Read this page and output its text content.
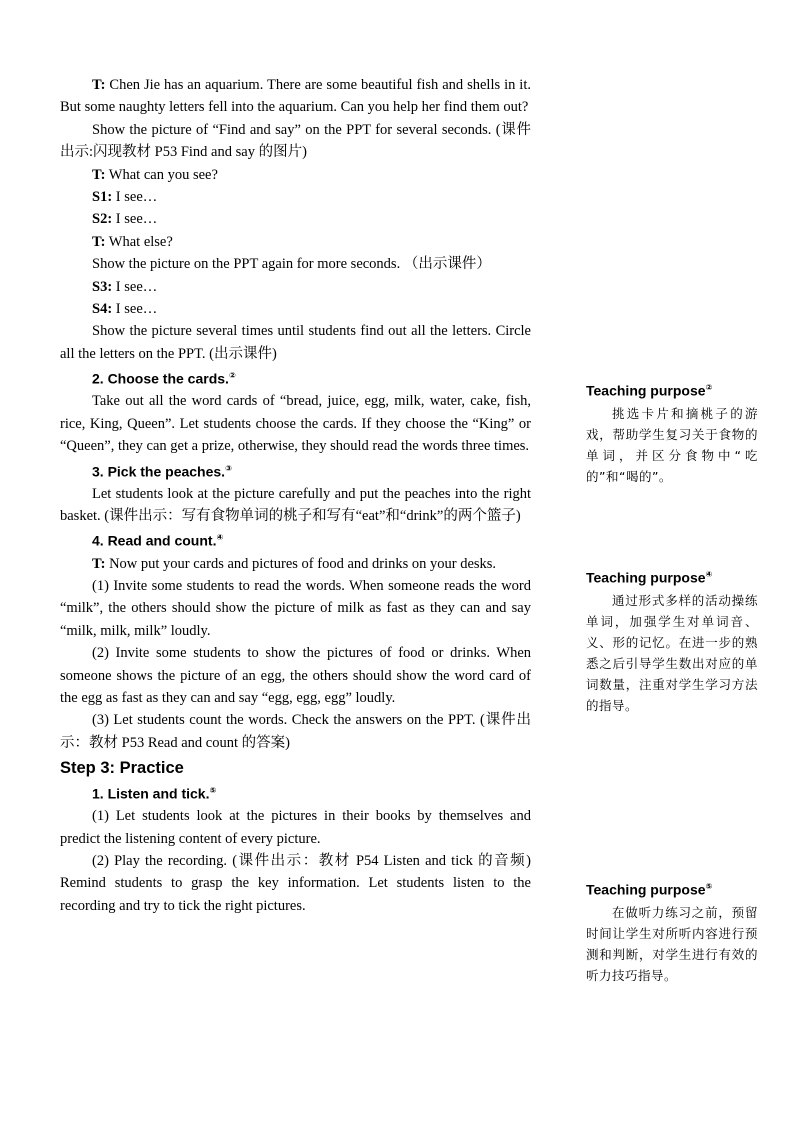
T: Chen Jie has an aquarium. There are some beautiful fish and shells in it. But some naughty letters fell into the aquarium. Can you help her find them out?

Show the picture of “Find and say” on the PPT for several seconds. (课件出示:闪现教材 P53 Find and say 的图片)

T: What can you see?

S1: I see…

S2: I see…

T: What else?

Show the picture on the PPT again for more seconds. （出示课件）

S3: I see…

S4: I see…

Show the picture several times until students find out all the letters. Circle all the letters on the PPT. (出示课件)

2. Choose the cards.②

Take out all the word cards of “bread, juice, egg, milk, water, cake, fish, rice, King, Queen”. Let students choose the cards. If they choose the “King” or “Queen”, they can get a prize, otherwise, they should read the words three times.

3. Pick the peaches.③

Let students look at the picture carefully and put the peaches into the right basket. (课件出示：写有食物单词的桃子和写有“eat”和“drink”的两个篮子)

4. Read and count.④

T: Now put your cards and pictures of food and drinks on your desks.

(1) Invite some students to read the words. When someone reads the word “milk”, the others should show the picture of milk as fast as they can and say “milk, milk, milk” loudly.

(2) Invite some students to show the pictures of food or drinks. When someone shows the picture of an egg, the others should show the word card of the egg as fast as they can and say “egg, egg, egg” loudly.

(3) Let students count the words. Check the answers on the PPT. (课件出示：教材 P53 Read and count 的答案)

Step 3: Practice

1. Listen and tick.⑤

(1) Let students look at the pictures in their books by themselves and predict the listening content of every picture.

(2) Play the recording. (课件出示：教材 P54 Listen and tick 的音频) Remind students to grasp the key information. Let students listen to the recording and try to tick the right pictures.

Teaching purpose②

挑选卡片和摘桃子的游戏，帮助学生复习关于食物的单词，并区分食物中“吃的”和“喝的”。

Teaching purpose④

通过形式多样的活动操练单词，加强学生对单词音、义、形的记忆。在进一步的熟悉之后引导学生数出对应的单词数量，注重对学生学习方法的指导。

Teaching purpose⑤

在做听力练习之前，预留时间让学生对所听内容进行预测和判断，对学生进行有效的听力技巧指导。
